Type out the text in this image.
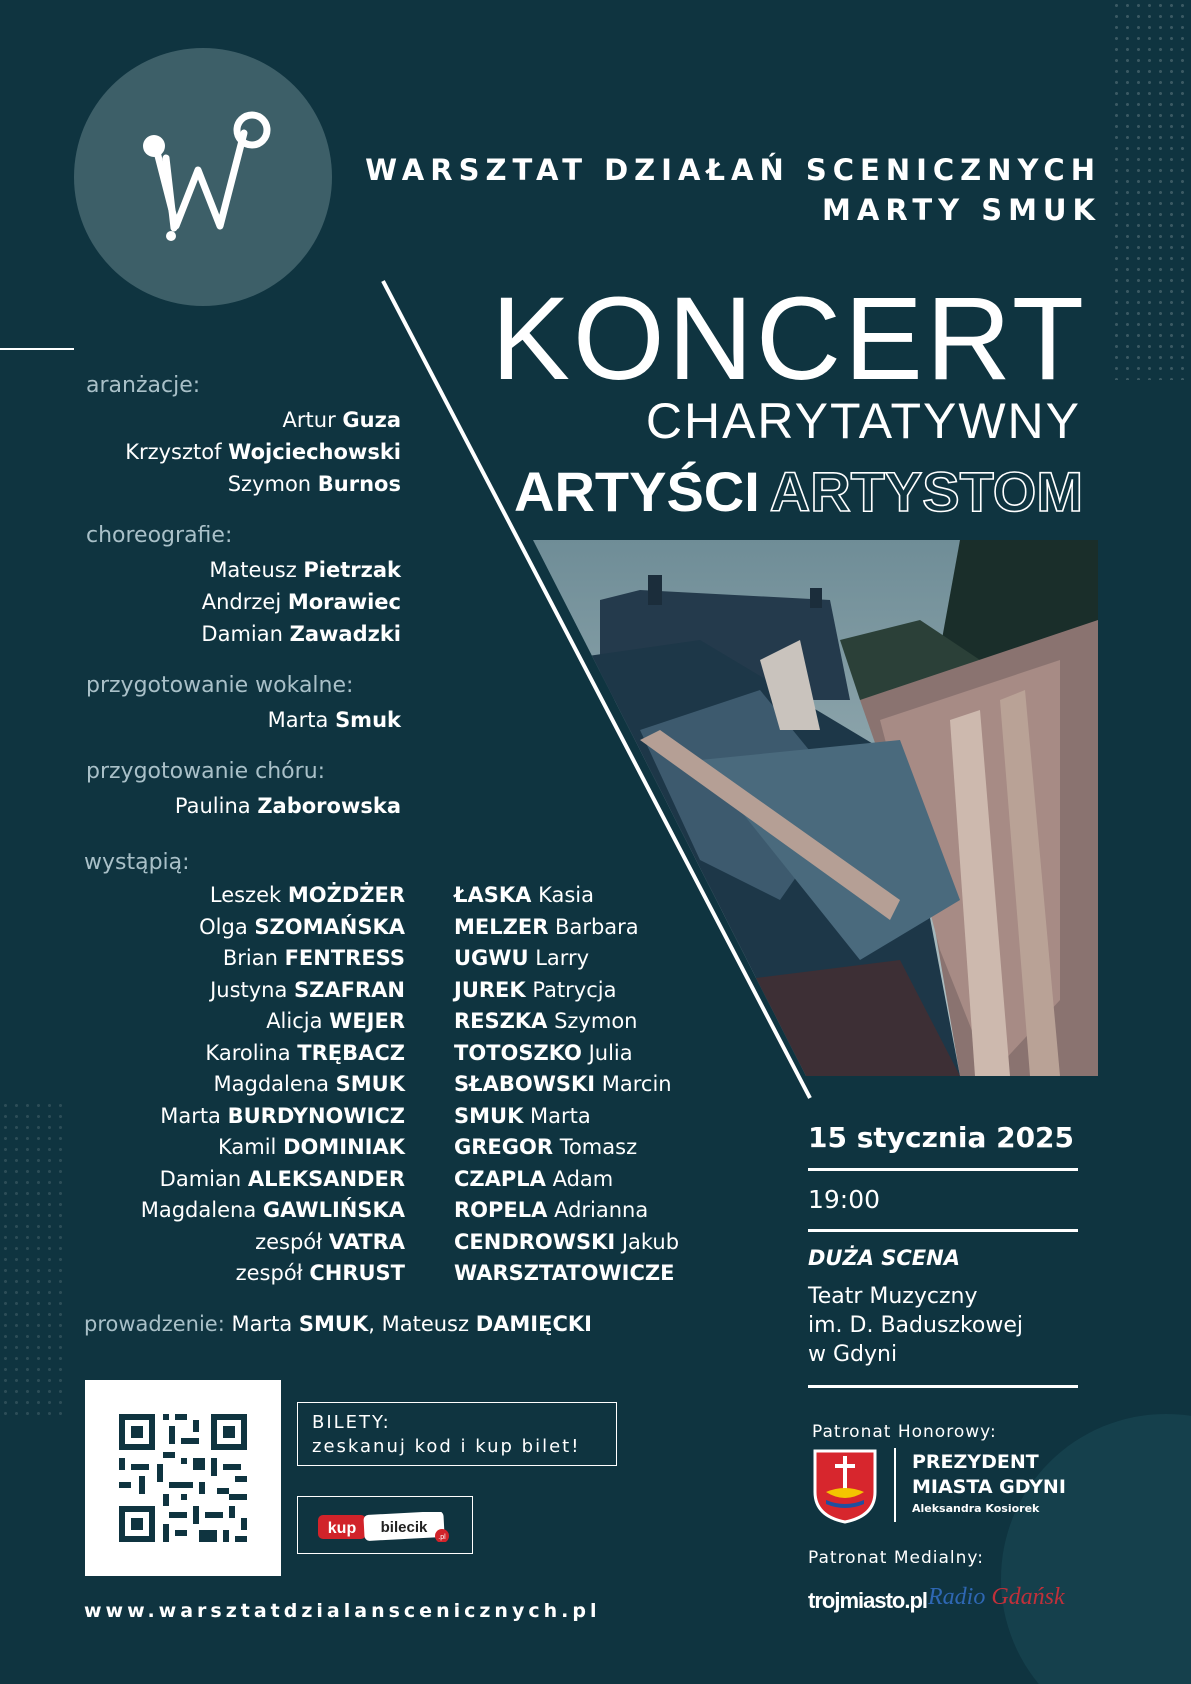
WARSZTAT DZIAŁAŃ SCENICZNYCH
MARTY SMUK
KONCERT
CHARYTATYWNY
ARTYŚCI ARTYSTOM
aranżacje:
Artur Guza
Krzysztof Wojciechowski
Szymon Burnos
choreografie:
Mateusz Pietrzak
Andrzej Morawiec
Damian Zawadzki
przygotowanie wokalne:
Marta Smuk
przygotowanie chóru:
Paulina Zaborowska
wystąpią:
Leszek MOŻDŻER
Olga SZOMAŃSKA
Brian FENTRESS
Justyna SZAFRAN
Alicja WEJER
Karolina TRĘBACZ
Magdalena SMUK
Marta BURDYNOWICZ
Kamil DOMINIAK
Damian ALEKSANDER
Magdalena GAWLIŃSKA
zespół VATRA
zespół CHRUST
ŁASKA Kasia
MELZER Barbara
UGWU Larry
JUREK Patrycja
RESZKA Szymon
TOTOSZKO Julia
SŁABOWSKI Marcin
SMUK Marta
GREGOR Tomasz
CZAPLA Adam
ROPELA Adrianna
CENDROWSKI Jakub
WARSZTATOWICZE
prowadzenie: Marta SMUK, Mateusz DAMIĘCKI
BILETY:
zeskanuj kod i kup bilet!
kup bilecik
.pl
www.warsztatdzialanscenicznych.pl
15 stycznia 2025
19:00
DUŻA SCENA
Teatr Muzyczny
im. D. Baduszkowej
w Gdyni
Patronat Honorowy:
PREZYDENT
MIASTA GDYNI
Aleksandra Kosiorek
Patronat Medialny:
trojmiasto.pl Radio Gdańsk
